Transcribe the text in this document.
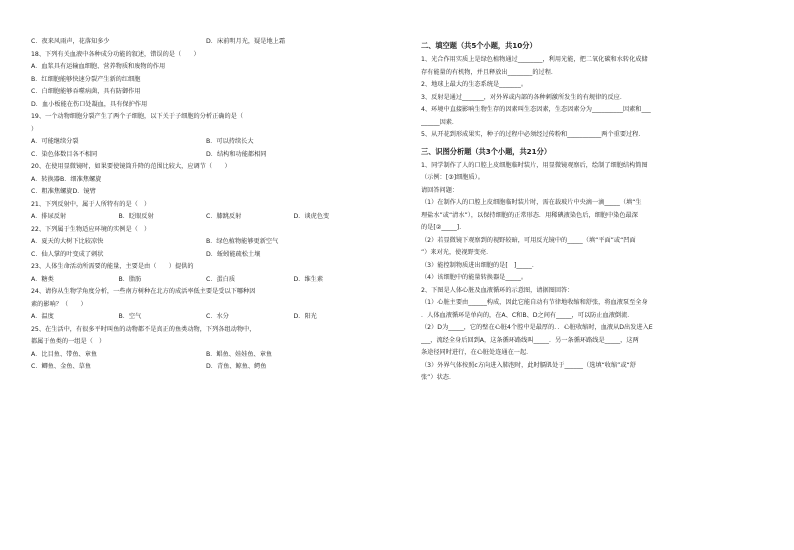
C．夜来风雨声，花落知多少	D．床前明月光，疑是地上霜
18、下列有关血液中各种成分功能的叙述，错误的是（　　）
A．血浆具有运输血细胞、营养物质和废物的作用
B．红细胞能够快速分裂产生新的红细胞
C．白细胞能够吞噬病菌，具有防御作用
D．血小板能在伤口处凝血，具有保护作用
19、一个动物细胞分裂产生了两个子细胞，以下关于子细胞的分析正确的是（
）
A．可能继续分裂	B．可以持续长大
C．染色体数目各不相同	D．结构和功能都相同
20、在使用显微镜时，如果要使镜筒升降的范围比较大，应调节（　　）
A．转换器B．细准焦螺旋
C．粗准焦螺旋D．镜臂
21、下列反射中，属于人所特有的是（　）
A．排尿反射	B．眨眼反射	C．膝跳反射	D．谈虎色变
22、下列属于生物适应环境的实例是（　）
A．夏天的大树下比较凉快	B．绿色植物能够更新空气
C．仙人掌的叶变成了刺状	D．蚯蚓能疏松土壤
23、人体生命活动所需要的能量，主要是由（　　）提供的
A．糖类	B．脂肪	C．蛋白质	D．维生素
24、请你从生物学角度分析，一些南方树种在北方的成活率低主要是受以下哪种因
素的影响？（　　）
A．温度	B．空气	C．水分	D．阳光
25、在生活中，有很多平时叫鱼的动物都不是真正的鱼类动物，下列各组动物中，
都属于鱼类的一组是（　）
A．比目鱼、带鱼、章鱼	B．鲳鱼、娃娃鱼、章鱼
C．鲫鱼、金鱼、草鱼	D．青鱼、鲸鱼、鳄鱼
二、填空题（共5个小题，共10分）
1、光合作用实质上是绿色植物通过________，利用光能，把二氧化碳和水转化成储
存有能量的有机物，并且释放出________的过程．
2、地球上最大的生态系统是_______。
3、反射是通过_______，对外界或内部的各种刺激所发生的有规律的反应．
4、环境中直接影响生物生存的因素叫生态因素，生态因素分为__________因素和___
______因素．
5、从开花到形成果实，种子的过程中必须经过传粉和___________两个重要过程．
三、识图分析题（共3个小题，共21分）
1、同学制作了人的口腔上皮细胞临时装片，用显微镜观察后，绘制了细胞结构简图
（示例：[③]细胞质）。
请回答问题：
（1）在制作人的口腔上皮细胞临时装片时，需在载玻片中央滴一滴_____（填“生
理盐水”或“清水”），以保持细胞的正常形态．用稀碘液染色后，细胞中染色最深
的是[②_____]．
（2）若显微镜下观察到的视野较暗，可用反光镜中的_____（填“平面”或“凹面
”）来对光，使视野变亮．
（3）能控制物质进出细胞的是[　]_____．
（4）该细胞中的能量转换器是_____。
2、下图是人体心脏及血液循环的示意图，请据图回答：
（1）心脏主要由______构成，因此它能自动有节律地收缩和舒张，将血液泵至全身
．人体血液循环是单向的，在A、C和B、D之间有_____，可以防止血液倒流．
（2）D为_____，它的壁在心脏4个腔中是最厚的．．心脏收缩时，血液从D出发进入E
___，流经全身后回到A，这条循环路线叫_____．另一条循环路线是_____，这两
条途径同时进行，在心脏处连通在一起．
（3）外界气体按照c方向进入肺泡时，此时膈肌处于______（选填“收缩”或“舒
张”）状态．
